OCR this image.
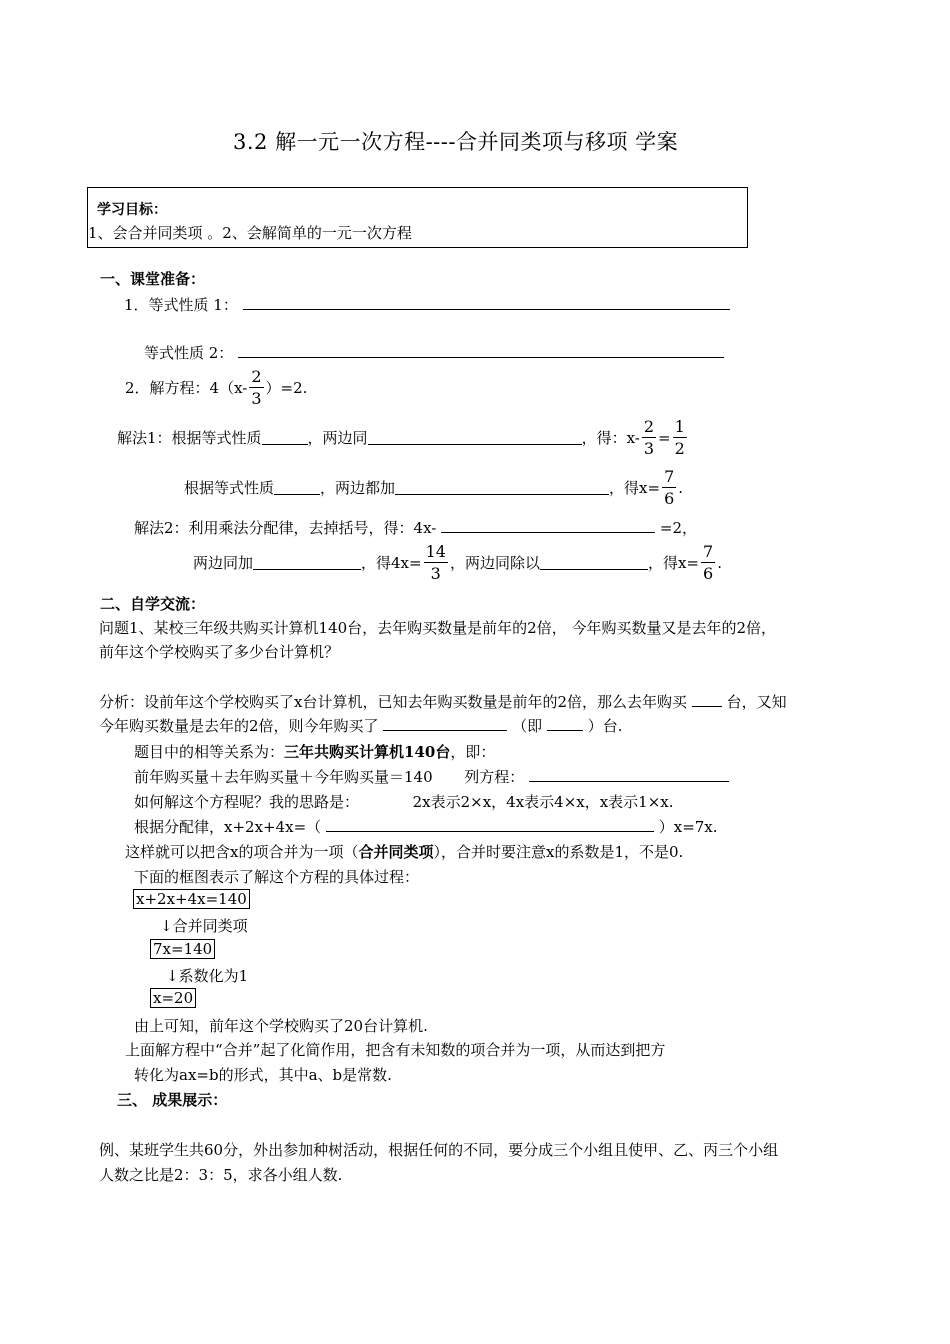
3.2 解一元一次方程----合并同类项与移项 学案
学习目标：
1、会合并同类项 。2、会解简单的一元一次方程
一、课堂准备：
1．等式性质 1：
等式性质 2：
2．解方程：$4(x- \frac{2}{3} )=2$.
解法1：根据等式性质	，两边同	，得：$x- \frac{2}{3} = \frac{1}{2}$
根据等式性质	，两边都加	，得$x= \frac{7}{6}$ .
解法2：利用乘法分配律，去掉括号，得：4x-	=2，
两边同加	，得$4x= \frac{14}{3}$ ，两边同除以	，得$x= \frac{7}{6}$ .
二、自学交流：
问题1、某校三年级共购买计算机140台，去年购买数量是前年的2倍， 今年购买数量又是去年的2倍，
前年这个学校购买了多少台计算机？
分析：设前年这个学校购买了x台计算机，已知去年购买数量是前年的2倍，那么去年购买	台，又知
今年购买数量是去年的2倍，则今年购买了	（即	）台.
题目中的相等关系为：三年共购买计算机140台，即：
前年购买量＋去年购买量＋今年购买量＝140 列方程：
如何解这个方程呢？我的思路是：	2x表示2×x，4x表示4×x，x表示1×x.
根据分配律，x+2x+4x=（	）x=7x.
这样就可以把含x的项合并为一项（合并同类项），合并时要注意x的系数是1，不是0.
下面的框图表示了解这个方程的具体过程：
x+2x+4x=140
↓合并同类项
7x=140
↓系数化为1
x=20
由上可知，前年这个学校购买了20台计算机.
上面解方程中“合并”起了化简作用，把含有未知数的项合并为一项，从而达到把方
转化为ax=b的形式，其中a、b是常数.
三、 成果展示：
例、某班学生共60分，外出参加种树活动，根据任何的不同，要分成三个小组且使甲、乙、丙三个小组
人数之比是2：3：5，求各小组人数.
